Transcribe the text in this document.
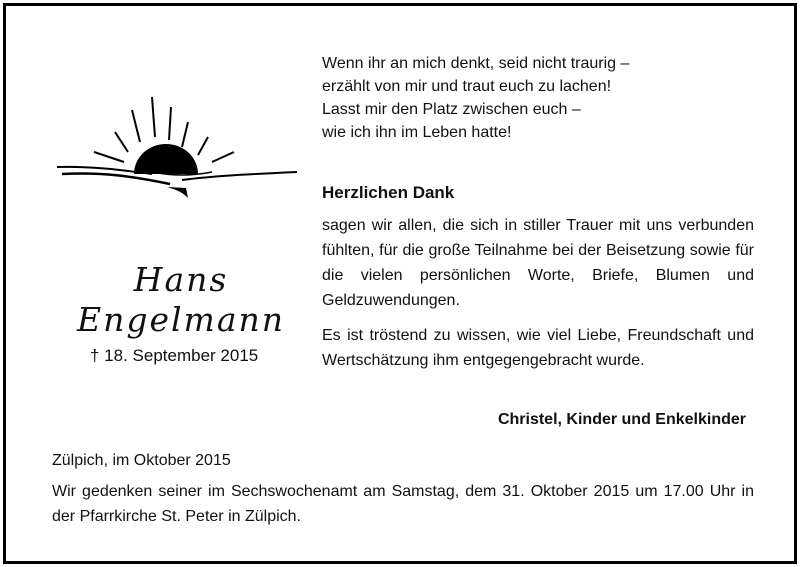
Hans
Engelmann
† 18. September 2015
Wenn ihr an mich denkt, seid nicht traurig –
erzählt von mir und traut euch zu lachen!
Lasst mir den Platz zwischen euch –
wie ich ihn im Leben hatte!
Herzlichen Dank
sagen wir allen, die sich in stiller Trauer mit uns verbunden fühlten, für die große Teilnahme bei der Beisetzung sowie für die vielen persönlichen Worte, Briefe, Blumen und Geldzuwendungen.
Es ist tröstend zu wissen, wie viel Liebe, Freundschaft und Wertschätzung ihm entgegengebracht wurde.
Christel, Kinder und Enkelkinder
Zülpich, im Oktober 2015
Wir gedenken seiner im Sechswochenamt am Samstag, dem 31. Oktober 2015 um 17.00 Uhr in der Pfarrkirche St. Peter in Zülpich.
